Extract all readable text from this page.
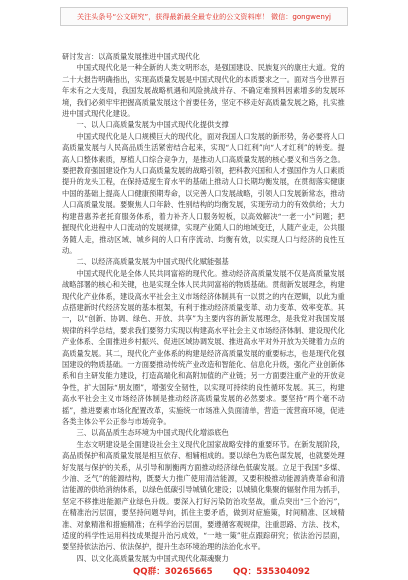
关注头条号“公文研究”，获得最新最全最专业的公文资料库！ 微信：gongwenyj

研讨发言：以高质量发展推进中国式现代化

中国式现代化是一种全新的人类文明形态，是强国建设、民族复兴的康庄大道。党的二十大报告明确指出，实现高质量发展是中国式现代化的本质要求之一。面对当今世界百年未有之大变局，我国发展战略机遇和风险挑战并存、不确定难预料因素增多的发展环境，我们必须牢牢把握高质量发展这个首要任务，坚定不移走好高质量发展之路，扎实推进中国式现代化建设。

一、以人口高质量发展为中国式现代化提供支撑

中国式现代化是人口规模巨大的现代化，面对我国人口发展的新形势，务必要将人口高质量发展与人民高品质生活紧密结合起来，实现“人口红利”向“人才红利”的转变。提高人口整体素质，厚植人口综合竞争力，是推动人口高质量发展的核心要义和当务之急。要把教育强国建设作为人口高质量发展的战略引领，把科教兴国和人才强国作为人口素质提升的龙头工程，在保持适度生育水平的基础上推动人口长期均衡发展，在贯彻落实健康中国的基础上提高人口健康预期寿命，以完善人口发展战略，引领人口发展新常态，推动人口高质量发展。要聚焦人口年龄、性别结构的均衡发展，实现劳动力的有效供给；大力构建普惠养老托育服务体系，着力补齐人口服务短板，以高效解决“一老一小”问题；把握现代化进程中人口流动的发展规律，实现产业随人口的地域变迁，人随产业走，公共服务随人走，推动区域、城乡间的人口有序流动、均衡有效，以实现人口与经济的良性互动。

二、以经济高质量发展为中国式现代化赋能强基

中国式现代化是全体人民共同富裕的现代化。推动经济高质量发展不仅是高质量发展战略部署的核心和关键，也是实现全体人民共同富裕的物质基础。贯彻新发展理念，构建现代化产业体系，建设高水平社会主义市场经济体制具有一以贯之的内在逻辑，以此为重点搭建新时代经济发展的基本框架，有利于推动经济质量变革、动力变革、效率变革。其一，以“创新、协调、绿色、开放、共享”为主要内容的新发展理念，是我党对我国发展规律的科学总结，要求我们要努力实现以构建高水平社会主义市场经济体制、建设现代化产业体系、全面推进乡村振兴、促进区域协调发展、推进高水平对外开放为关键着力点的高质量发展。其二，现代化产业体系的构建是经济高质量发展的重要标志，也是现代化强国建设的物质基础。一方面要推动传统产业改造和智能化、信息化升级，强化产业创新体系和自主研发能力建设，打造高端化和高附加值的产业链；另一方面要注重产业的开放竞争性，扩大国际“朋友圈”，增强安全韧性，以实现可持续的良性循环发展。其三，构建高水平社会主义市场经济体制是推动经济高质量发展的必然要求。要坚持“两个毫不动摇”，推进要素市场化配置改革，实施统一市场准入负面清单，营造一流营商环境，促进各类主体公平公正参与市场竞争。

三、以高品质生态环境为中国式现代化增添底色

生态文明建设是全面建设社会主义现代化国家战略安排的重要环节。在新发展阶段，高品质保护和高质量发展是相互依存、相辅相成的。要以绿色为底色谋发展，也就要处理好发展与保护的关系，从引导和制衡两方面推动经济绿色低碳发展。立足于我国“多煤、少油、乏气”的能源结构，既要大力推广使用清洁能源，又要积极推动能源消费革命和清洁能源的供给消纳体系，以绿色低碳引导城镇化建设；以城镇化集聚的辐射作用为抓手，坚定不移推进能源产业绿色升级。要深入打好污染防治攻坚战，重点突出“三个治污”，在精准治污层面，要坚持问题导向，抓住主要矛盾，做到对症施策，时间精准、区域精准、对象精准和措施精准；在科学治污层面，要遵循客观规律，注重思路、方法、技术，适度的科学性运用科技成果提升治污成效，“一地一策”驻点跟踪研究；依法治污层面，要坚持依法治污、依法保护，提升生态环境治理的法治化水平。

四、以文化高质量发展为中国式现代化凝魂聚力

QQ群：30265665 QQ：535304092
